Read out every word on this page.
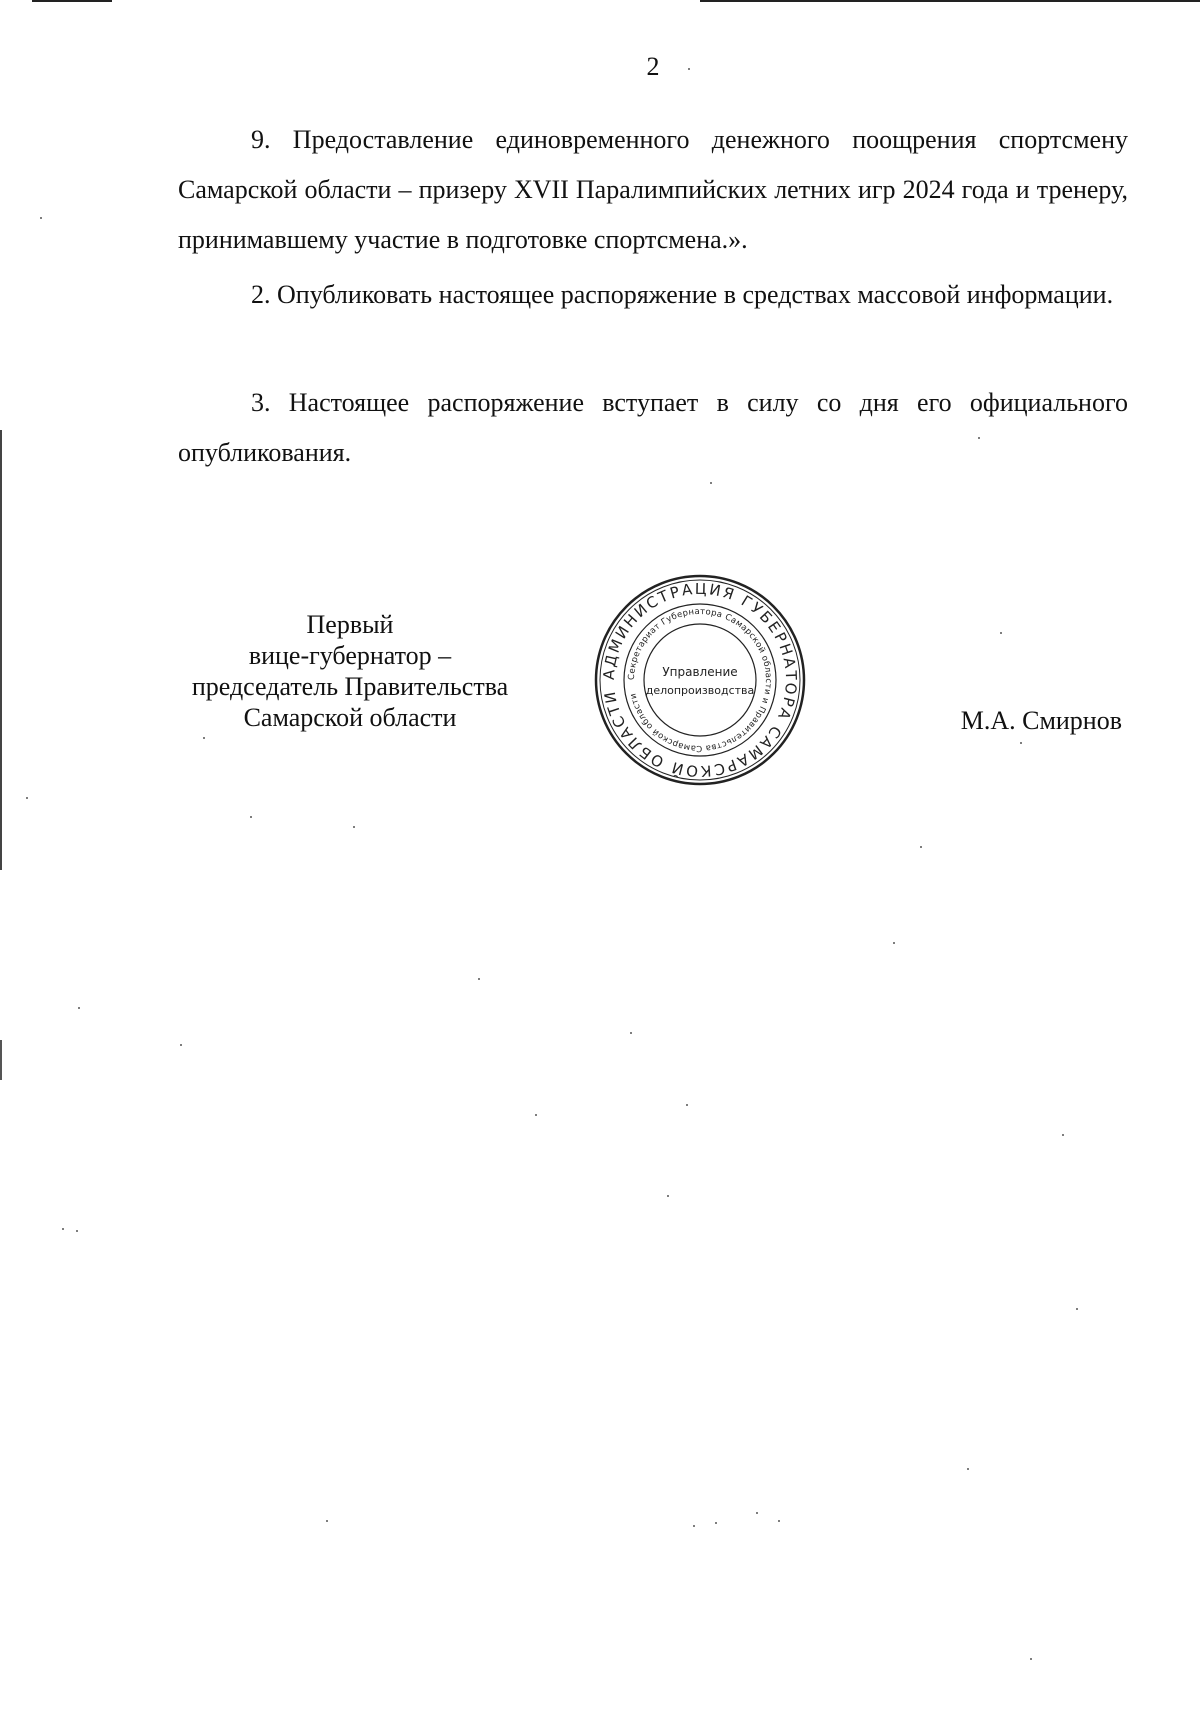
2

9. Предоставление единовременного денежного поощрения спортсмену Самарской области – призеру XVII Паралимпийских летних игр 2024 года и тренеру, принимавшему участие в подготовке спортсмена.».

2. Опубликовать настоящее распоряжение в средствах массовой информации.

3. Настоящее распоряжение вступает в силу со дня его официального опубликования.

Первый
вице-губернатор –
председатель Правительства
Самарской области
АДМИНИСТРАЦИЯ ГУБЕРНАТОРА САМАРСКОЙ ОБЛАСТИ
Секретариат Губернатора Самарской области и Правительства Самарской области
Управление
делопроизводства
М.А. Смирнов
